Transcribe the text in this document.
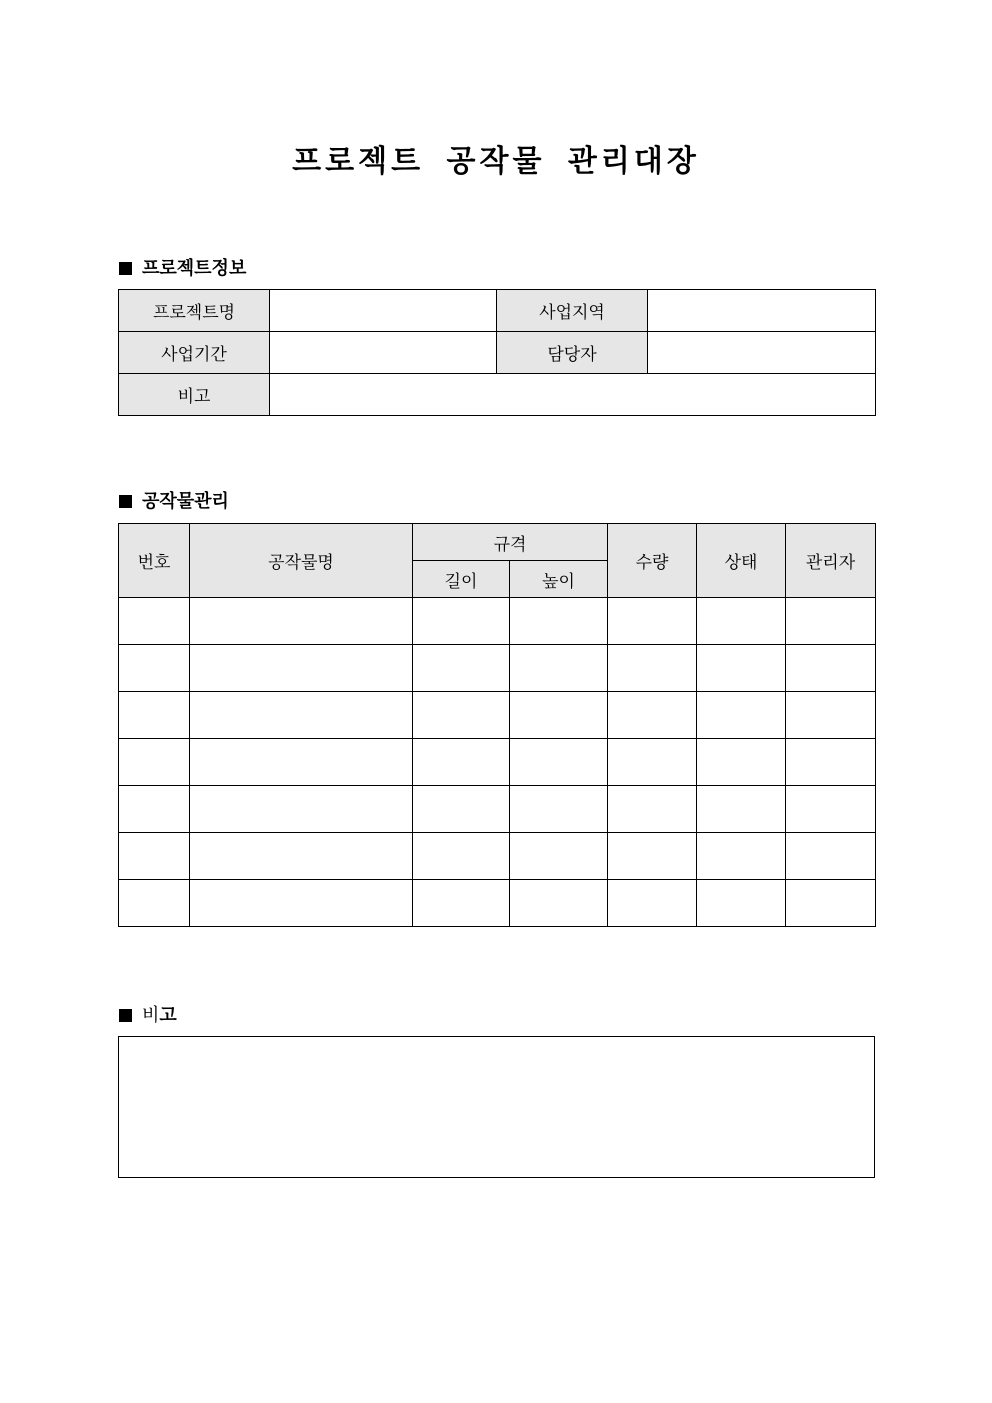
프로젝트 공작물 관리대장
프로젝트정보
프로젝트명		사업지역	
사업기간		담당자	
비고			
공작물관리
번호	공작물명	규격		수량	상태	관리자
		길이	높이			

비고
